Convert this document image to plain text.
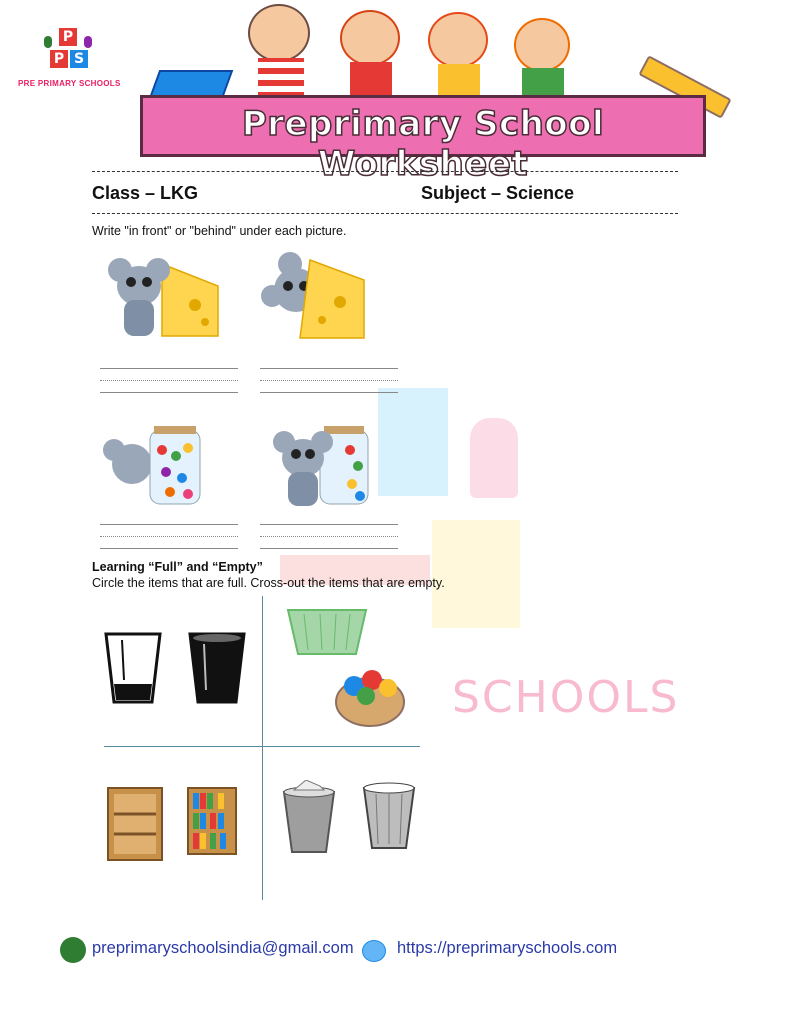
SCHOOLS
P
P S
PRE PRIMARY SCHOOLS
Preprimary School Worksheet
Class – LKG	Subject – Science
Write "in front" or "behind" under each picture.
Learning “Full” and “Empty”
Circle the items that are full. Cross-out the items that are empty.
preprimaryschoolsindia@gmail.com	https://preprimaryschools.com
